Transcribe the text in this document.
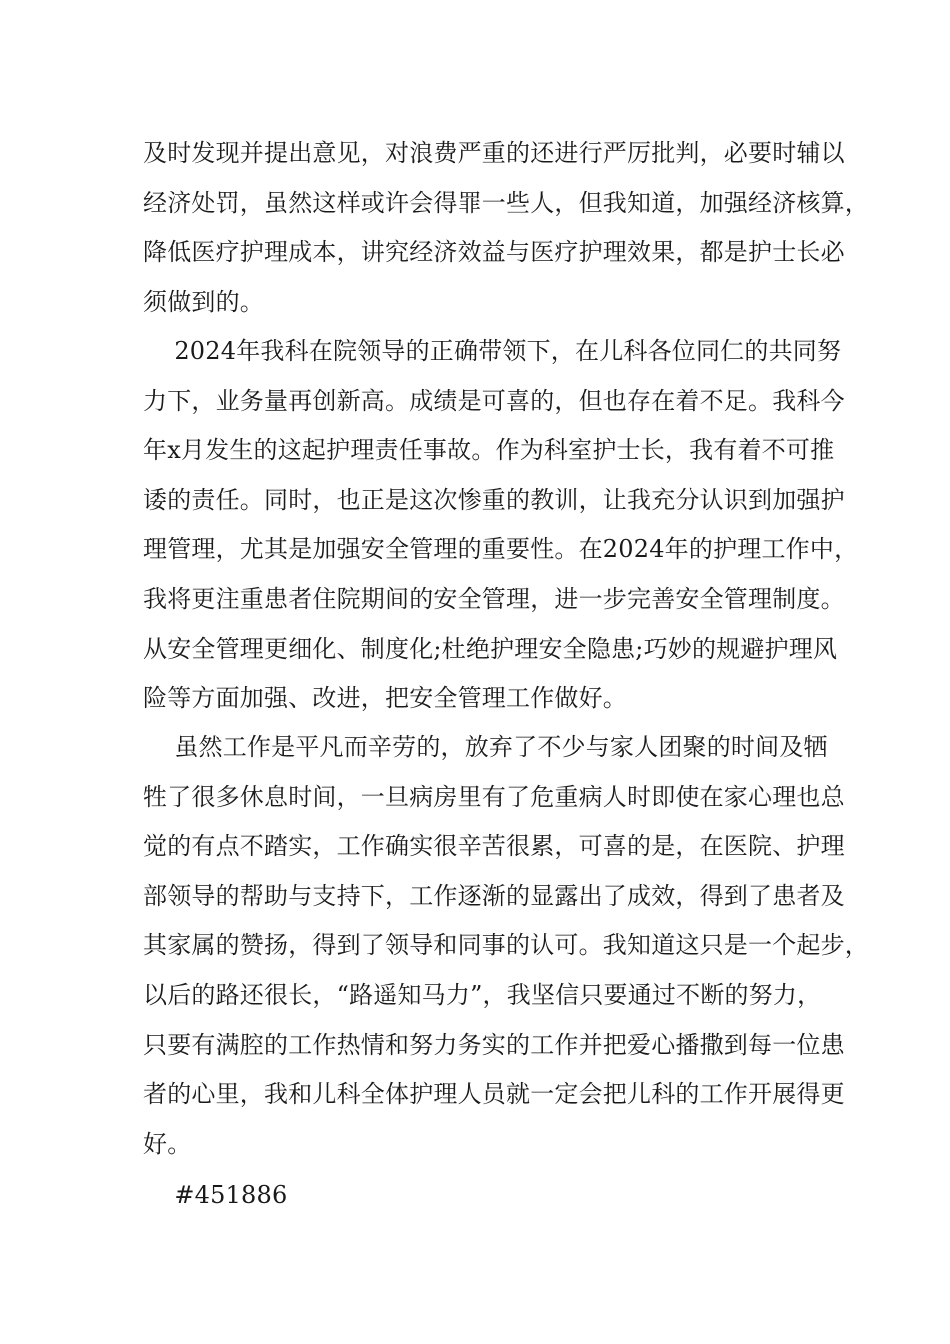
及时发现并提出意见，对浪费严重的还进行严厉批判，必要时辅以
经济处罚，虽然这样或许会得罪一些人，但我知道，加强经济核算，
降低医疗护理成本，讲究经济效益与医疗护理效果，都是护士长必
须做到的。
2024年我科在院领导的正确带领下，在儿科各位同仁的共同努
力下，业务量再创新高。成绩是可喜的，但也存在着不足。我科今
年x月发生的这起护理责任事故。作为科室护士长，我有着不可推
诿的责任。同时，也正是这次惨重的教训，让我充分认识到加强护
理管理，尤其是加强安全管理的重要性。在2024年的护理工作中，
我将更注重患者住院期间的安全管理，进一步完善安全管理制度。
从安全管理更细化、制度化;杜绝护理安全隐患;巧妙的规避护理风
险等方面加强、改进，把安全管理工作做好。
虽然工作是平凡而辛劳的，放弃了不少与家人团聚的时间及牺
牲了很多休息时间，一旦病房里有了危重病人时即使在家心理也总
觉的有点不踏实，工作确实很辛苦很累，可喜的是，在医院、护理
部领导的帮助与支持下，工作逐渐的显露出了成效，得到了患者及
其家属的赞扬，得到了领导和同事的认可。我知道这只是一个起步，
以后的路还很长，“路遥知马力”，我坚信只要通过不断的努力，
只要有满腔的工作热情和努力务实的工作并把爱心播撒到每一位患
者的心里，我和儿科全体护理人员就一定会把儿科的工作开展得更
好。
#451886
